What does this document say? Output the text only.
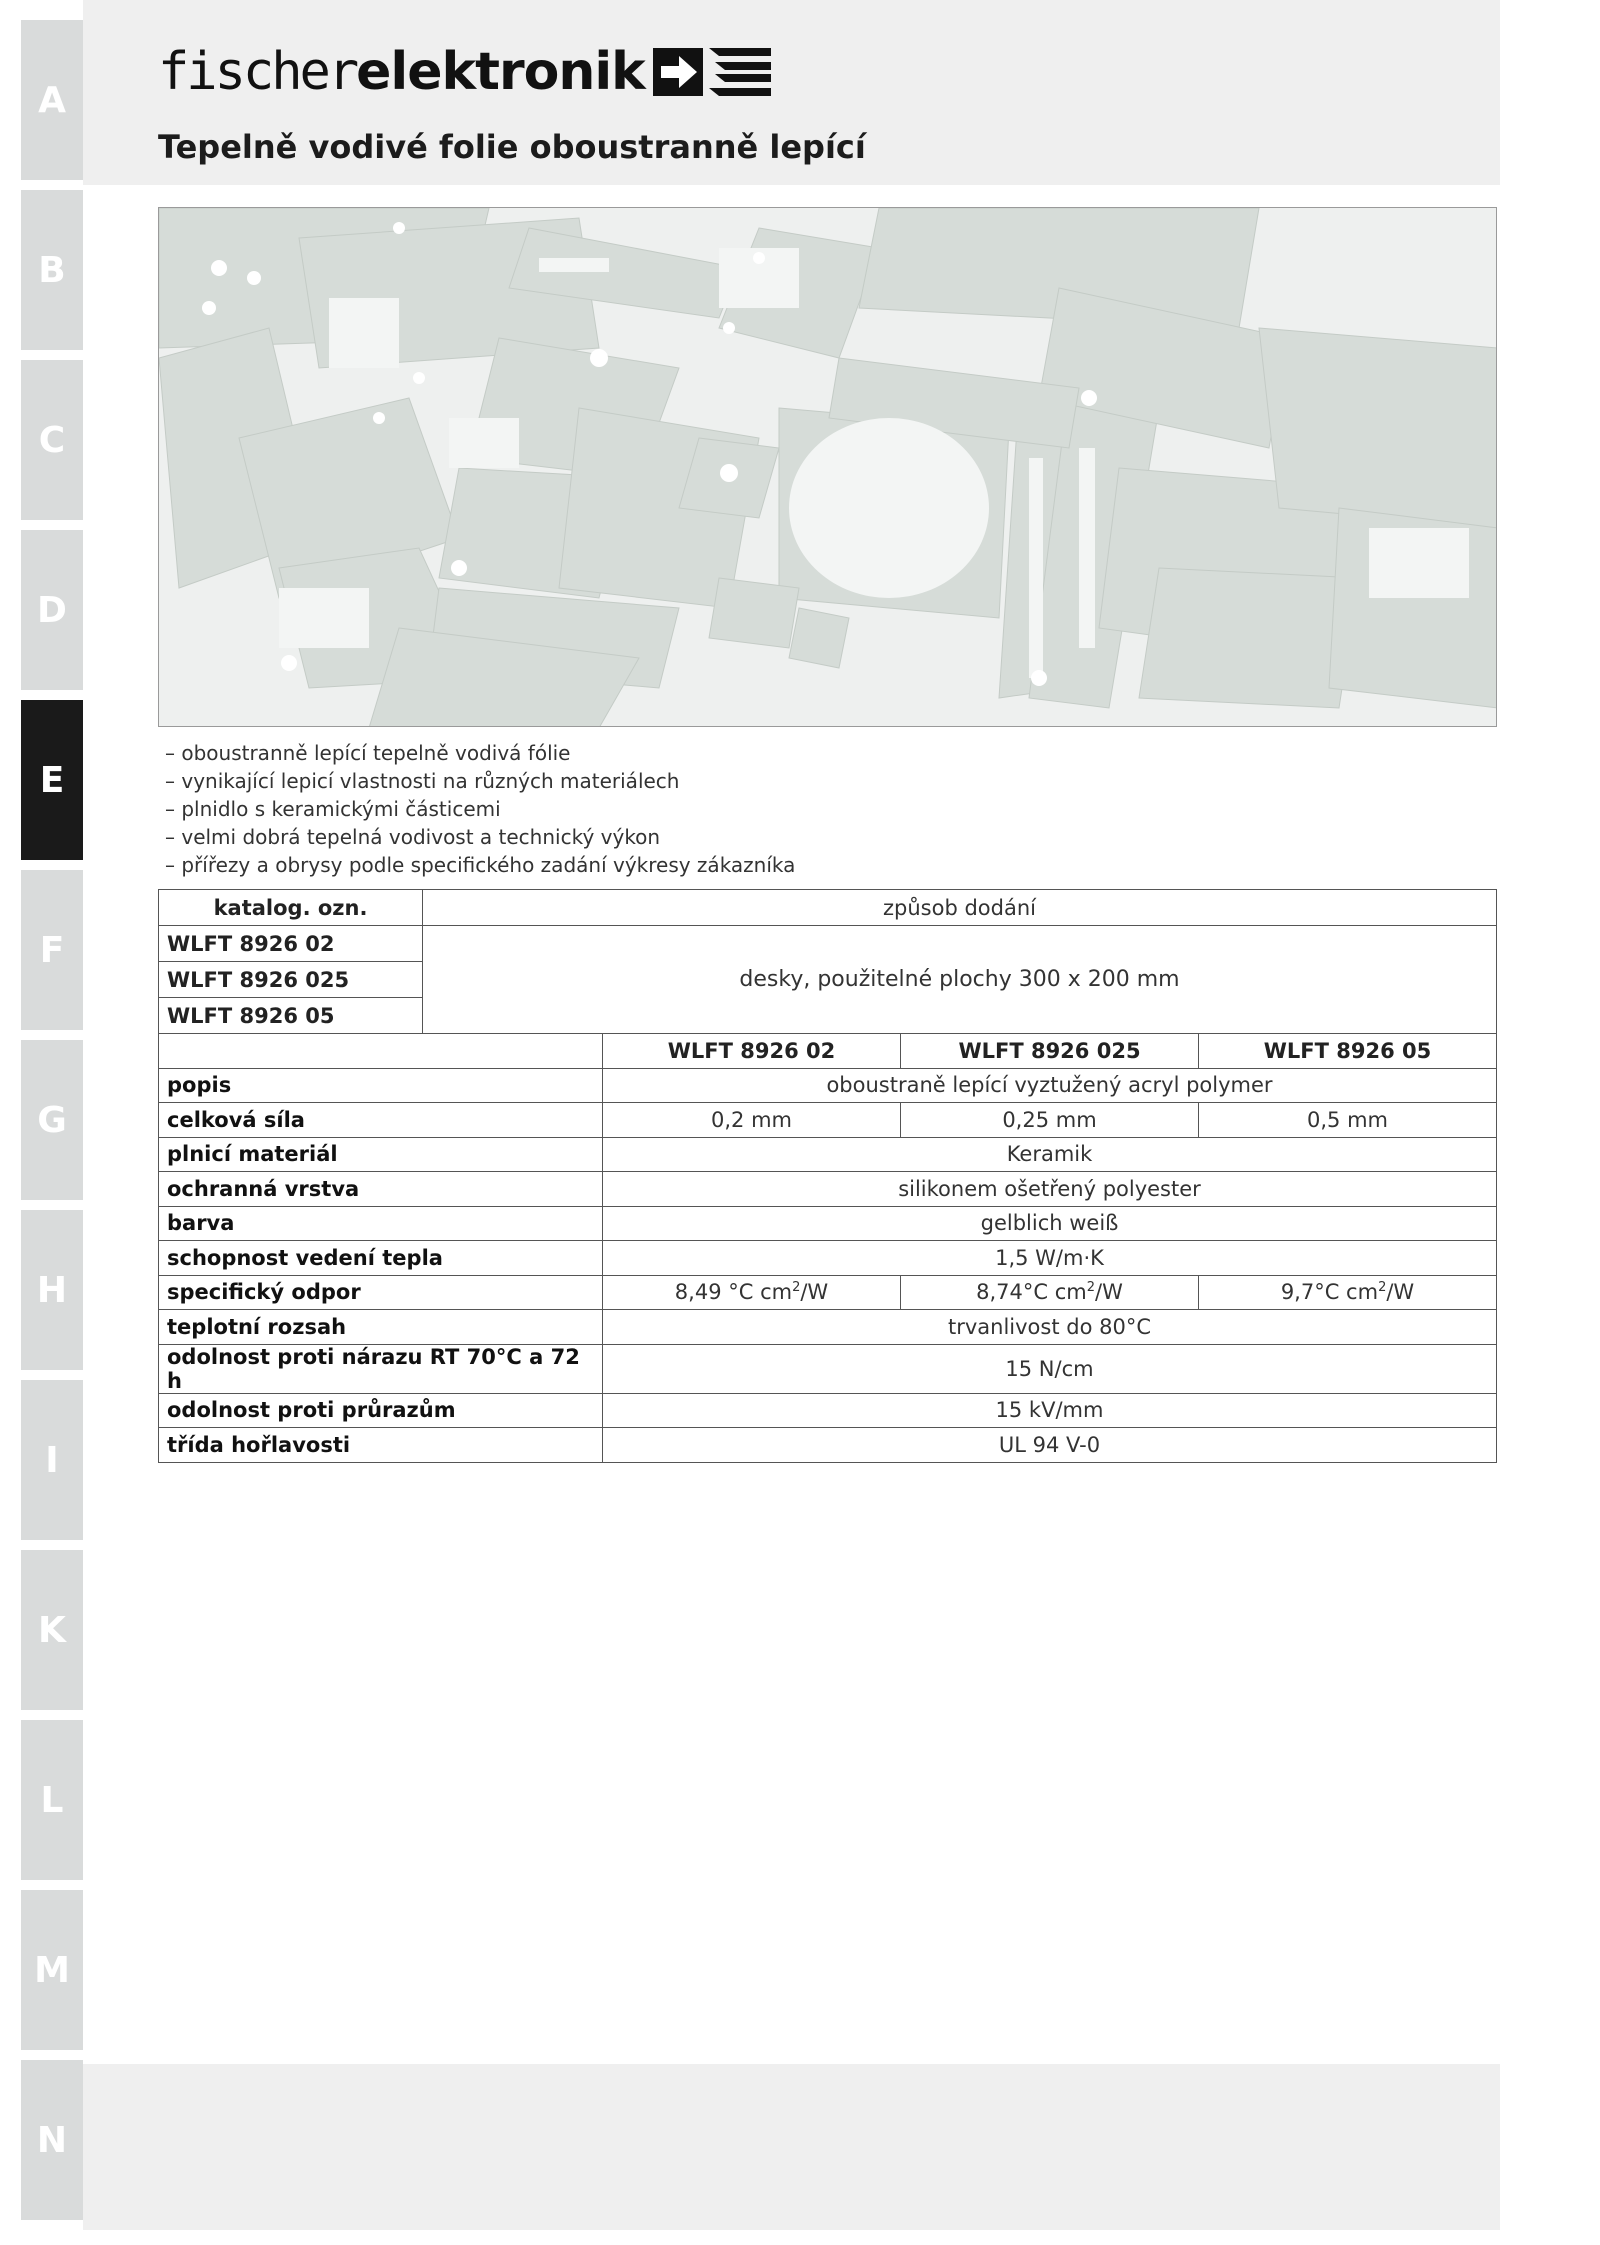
A
B
C
D
E
F
G
H
I
K
L
M
N
fischerelektronik
Tepelně vodivé folie oboustranně lepící
– oboustranně lepící tepelně vodivá fólie
– vynikající lepicí vlastnosti na různých materiálech
– plnidlo s keramickými částicemi
– velmi dobrá tepelná vodivost a technický výkon
– přířezy a obrysy podle specifického zadání výkresy zákazníka
katalog. ozn.	způsob dodání
WLFT 8926 02	desky, použitelné plochy 300 x 200 mm
WLFT 8926 025	
WLFT 8926 05	
	WLFT 8926 02	WLFT 8926 025	WLFT 8926 05
popis	oboustraně lepící vyztužený acryl polymer		
celková síla	0,2 mm	0,25 mm	0,5 mm
plnicí materiál	Keramik		
ochranná vrstva	silikonem ošetřený polyester		
barva	gelblich weiß		
schopnost vedení tepla	1,5 W/m·K		
specifický odpor	8,49 °C $cm^2/W$	8,74°C $cm^2/W$	9,7°C $cm^2/W$
teplotní rozsah	trvanlivost do 80°C		
odolnost proti nárazu RT 70°C a 72 h	15 N/cm		
odolnost proti průrazům	15 kV/mm		
třída hořlavosti	UL 94 V-0		
